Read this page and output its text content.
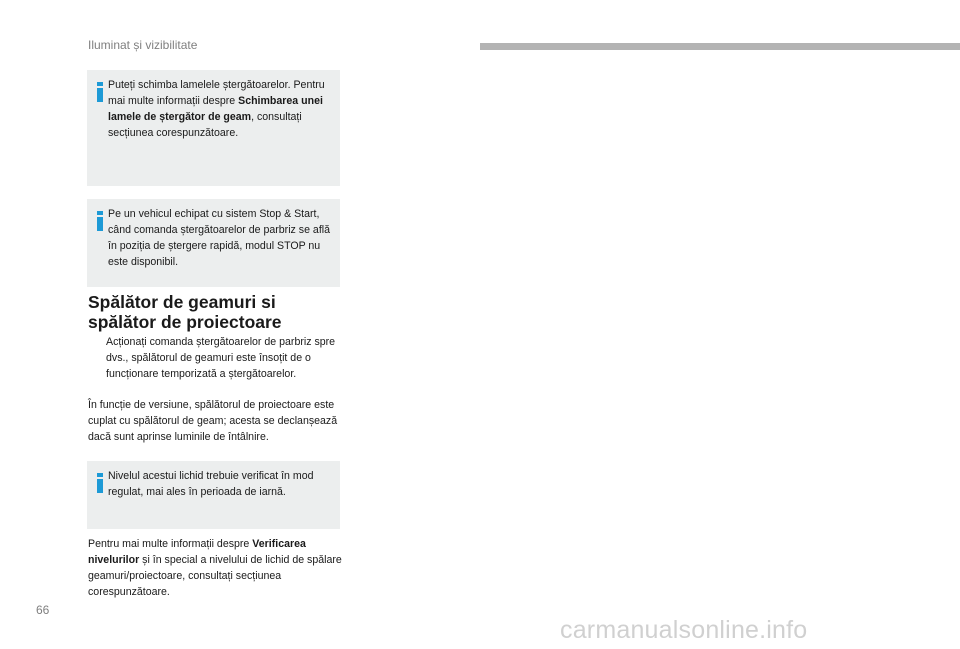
Iluminat și vizibilitate
Puteți schimba lamelele ștergătoarelor. Pentru mai multe informații despre Schimbarea unei lamele de ștergător de geam, consultați secțiunea corespunzătoare.
Pe un vehicul echipat cu sistem Stop & Start, când comanda ștergătoarelor de parbriz se află în poziția de ștergere rapidă, modul STOP nu este disponibil.
Spălător de geamuri si spălător de proiectoare
Acționați comanda ștergătoarelor de parbriz spre dvs., spălătorul de geamuri este însoțit de o funcționare temporizată a ștergătoarelor.

În funcție de versiune, spălătorul de proiectoare este cuplat cu spălătorul de geam; acesta se declanșează dacă sunt aprinse luminile de întâlnire.

Nivelul acestui lichid trebuie verificat în mod regulat, mai ales în perioada de iarnă.

Pentru mai multe informații despre Verificarea nivelurilor și în special a nivelului de lichid de spălare geamuri/proiectoare, consultați secțiunea corespunzătoare.

66
carmanualsonline.info
